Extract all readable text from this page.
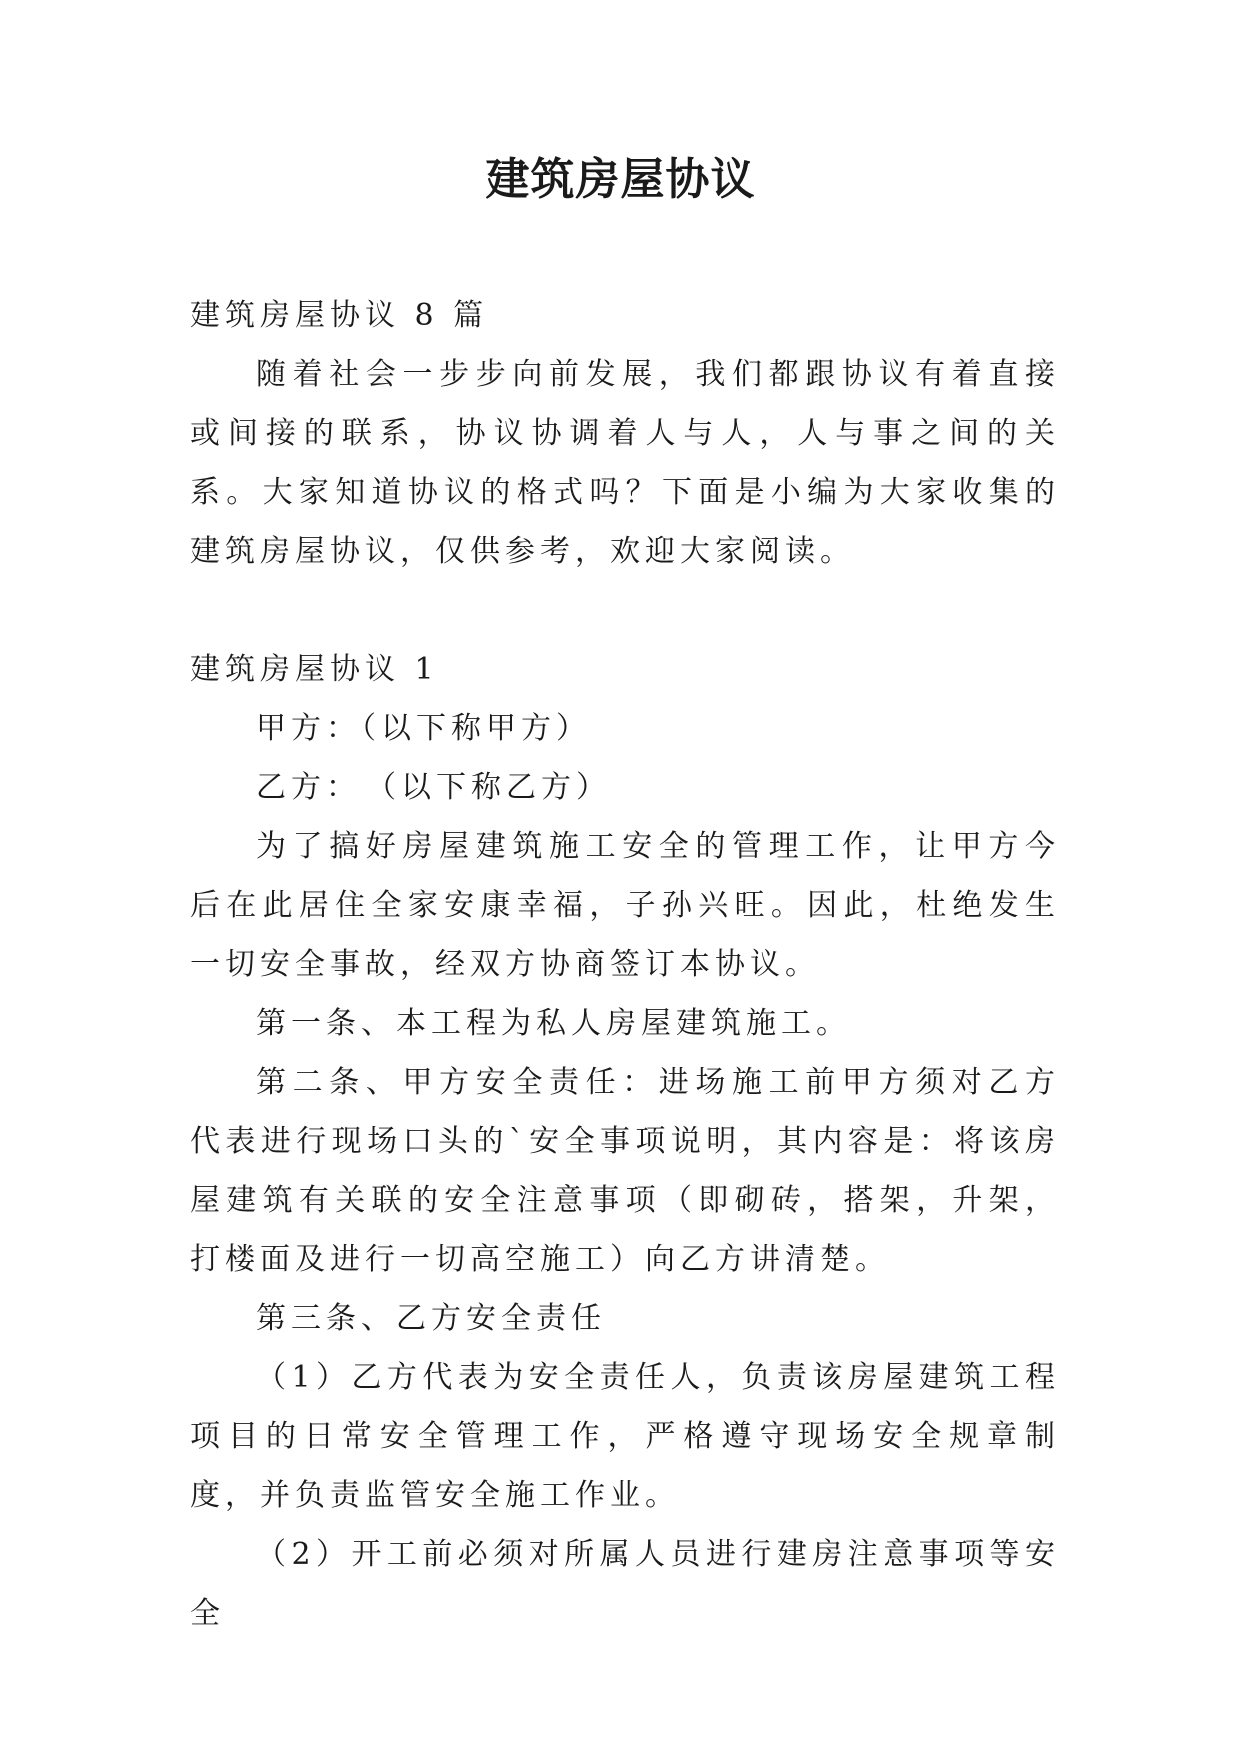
建筑房屋协议

建筑房屋协议 8 篇

随着社会一步步向前发展，我们都跟协议有着直接或间接的联系，协议协调着人与人，人与事之间的关系。大家知道协议的格式吗？下面是小编为大家收集的建筑房屋协议，仅供参考，欢迎大家阅读。

建筑房屋协议 1

甲方：（以下称甲方）

乙方：　（以下称乙方）

为了搞好房屋建筑施工安全的管理工作，让甲方今后在此居住全家安康幸福，子孙兴旺。因此，杜绝发生一切安全事故，经双方协商签订本协议。

第一条、本工程为私人房屋建筑施工。

第二条、甲方安全责任：进场施工前甲方须对乙方代表进行现场口头的`安全事项说明，其内容是：将该房屋建筑有关联的安全注意事项（即砌砖，搭架，升架，打楼面及进行一切高空施工）向乙方讲清楚。

第三条、乙方安全责任

（1）乙方代表为安全责任人，负责该房屋建筑工程项目的日常安全管理工作，严格遵守现场安全规章制度，并负责监管安全施工作业。

（2）开工前必须对所属人员进行建房注意事项等安全
